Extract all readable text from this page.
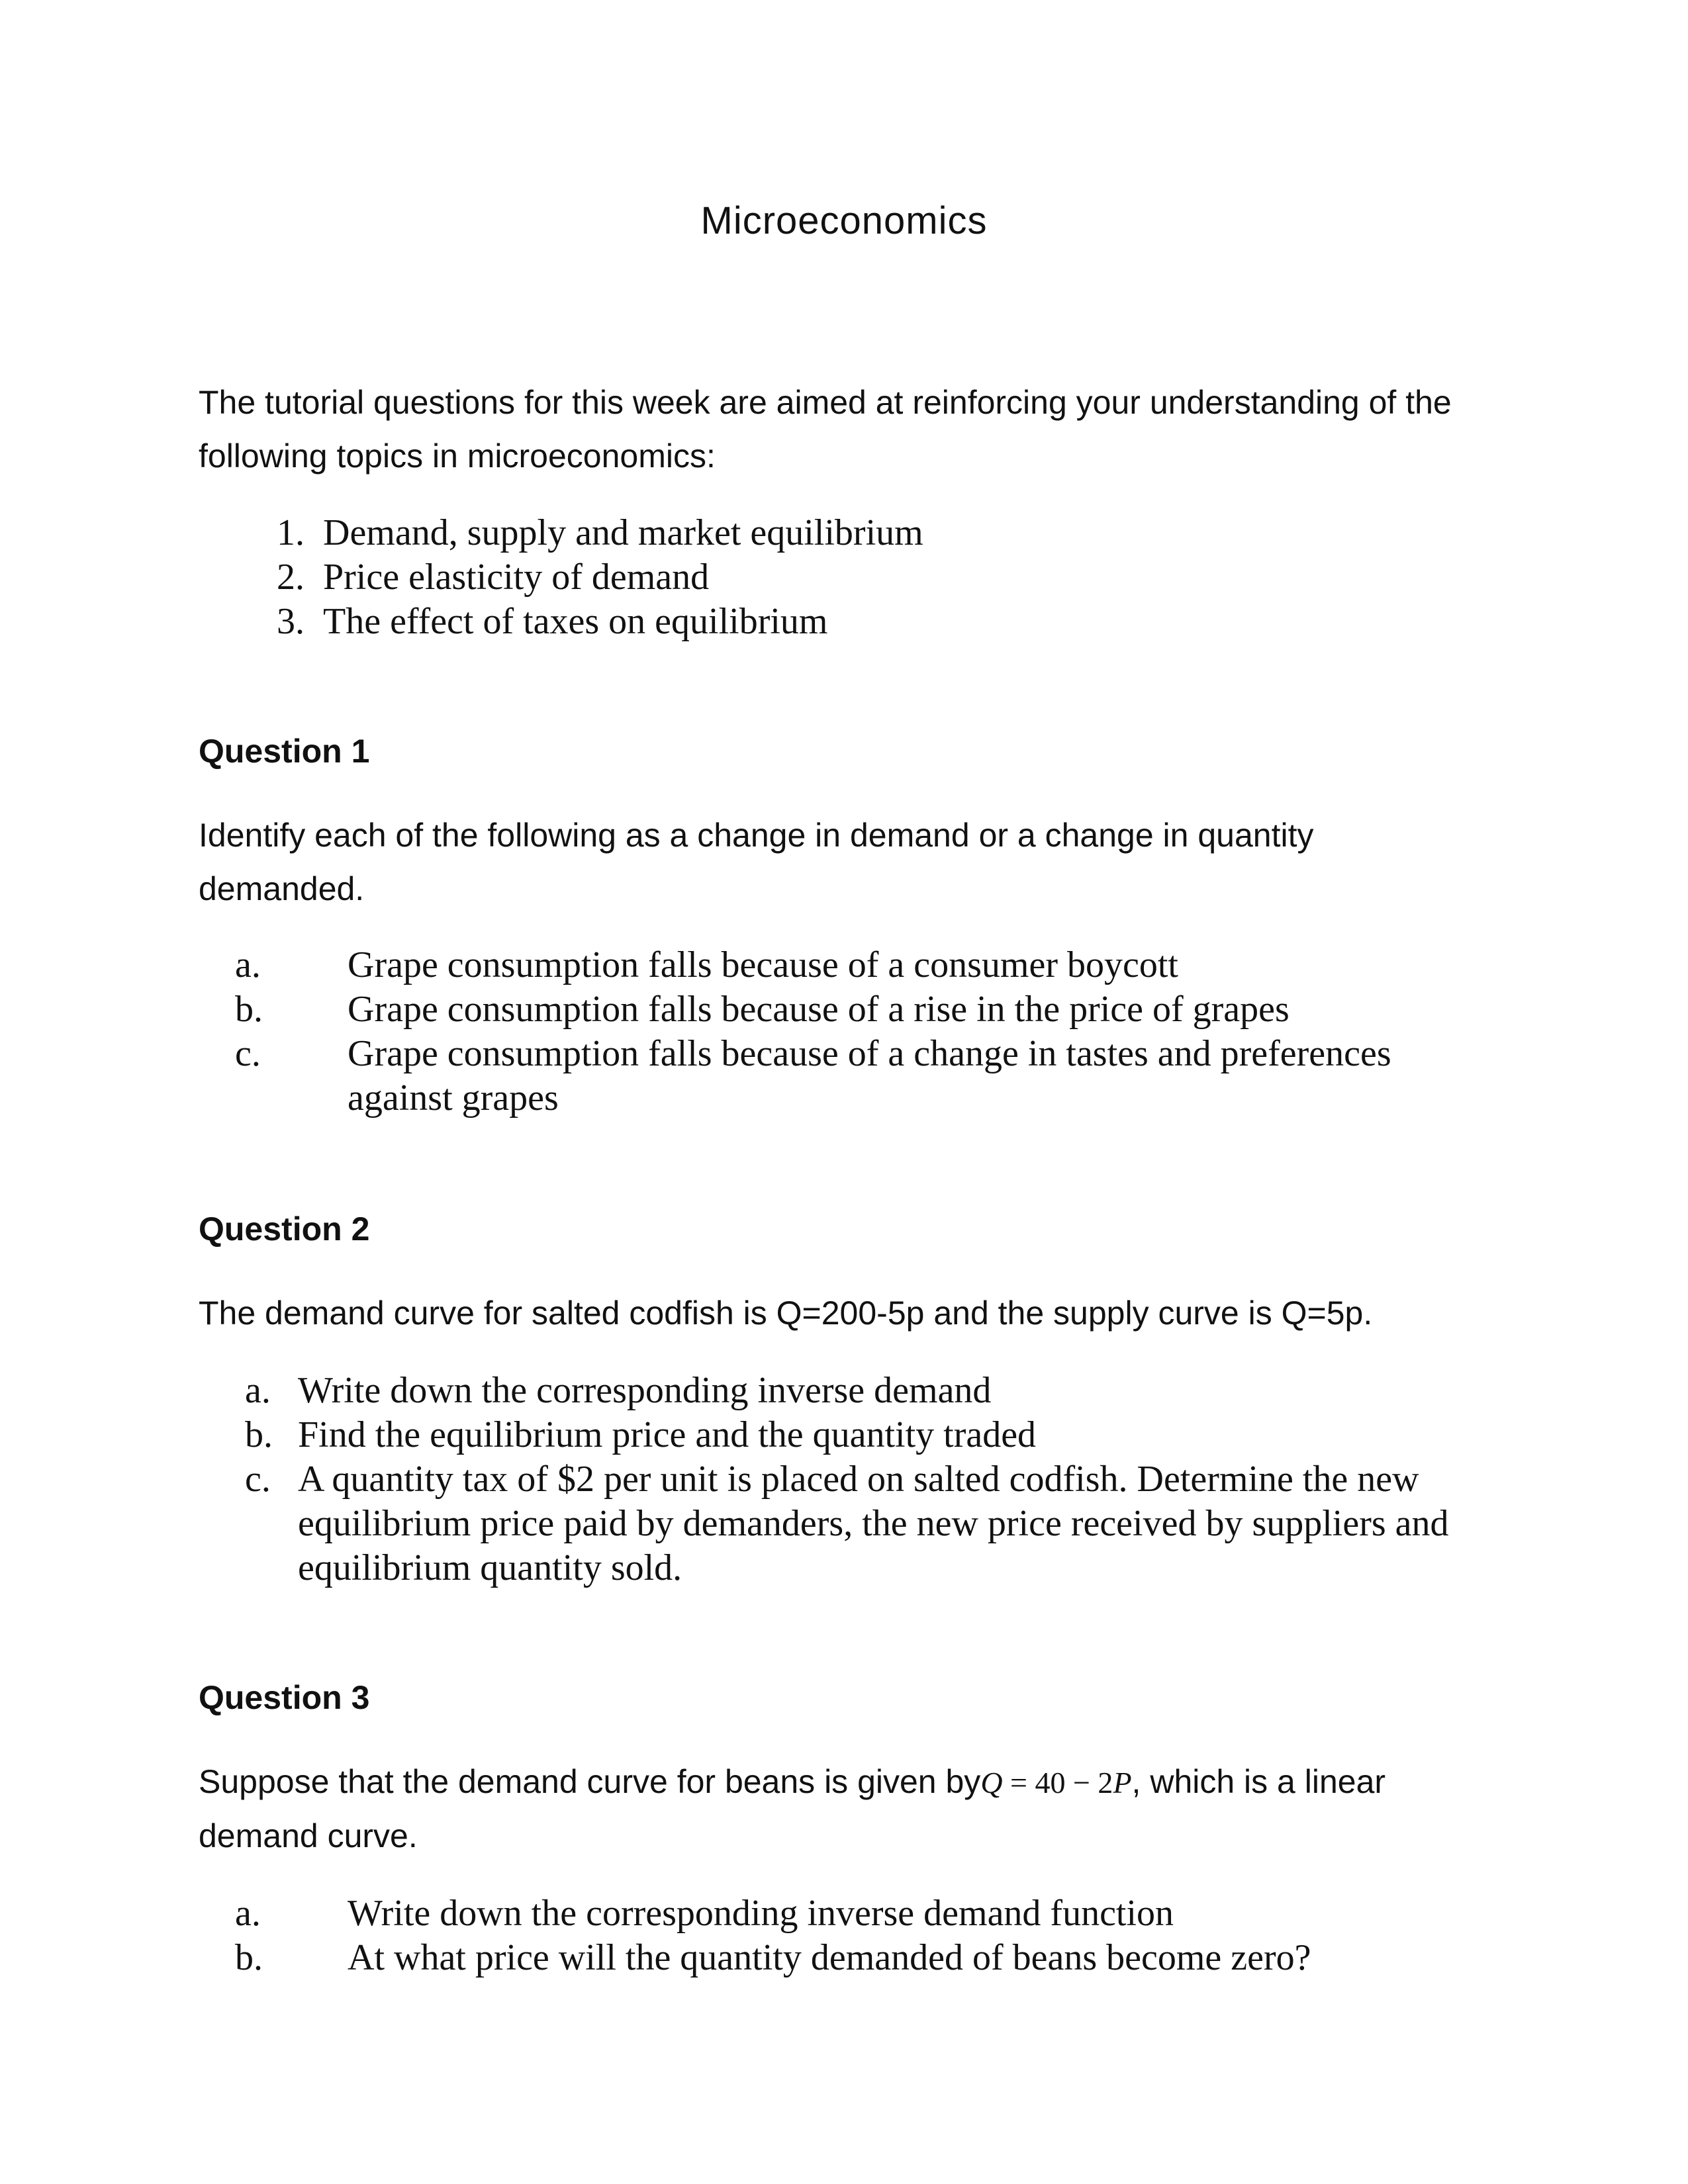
Microeconomics
The tutorial questions for this week are aimed at reinforcing your understanding of the following topics in microeconomics:
1. Demand, supply and market equilibrium
2. Price elasticity of demand
3. The effect of taxes on equilibrium
Question 1
Identify each of the following as a change in demand or a change in quantity demanded.
a.	Grape consumption falls because of a consumer boycott
b.	Grape consumption falls because of a rise in the price of grapes
c.	Grape consumption falls because of a change in tastes and preferences against grapes
Question 2
The demand curve for salted codfish is Q=200-5p and the supply curve is Q=5p.
a. Write down the corresponding inverse demand
b. Find the equilibrium price and the quantity traded
c. A quantity tax of $2 per unit is placed on salted codfish. Determine the new equilibrium price paid by demanders, the new price received by suppliers and equilibrium quantity sold.
Question 3
Suppose that the demand curve for beans is given byQ = 40 − 2P, which is a linear demand curve.
a.	Write down the corresponding inverse demand function
b.	At what price will the quantity demanded of beans become zero?
